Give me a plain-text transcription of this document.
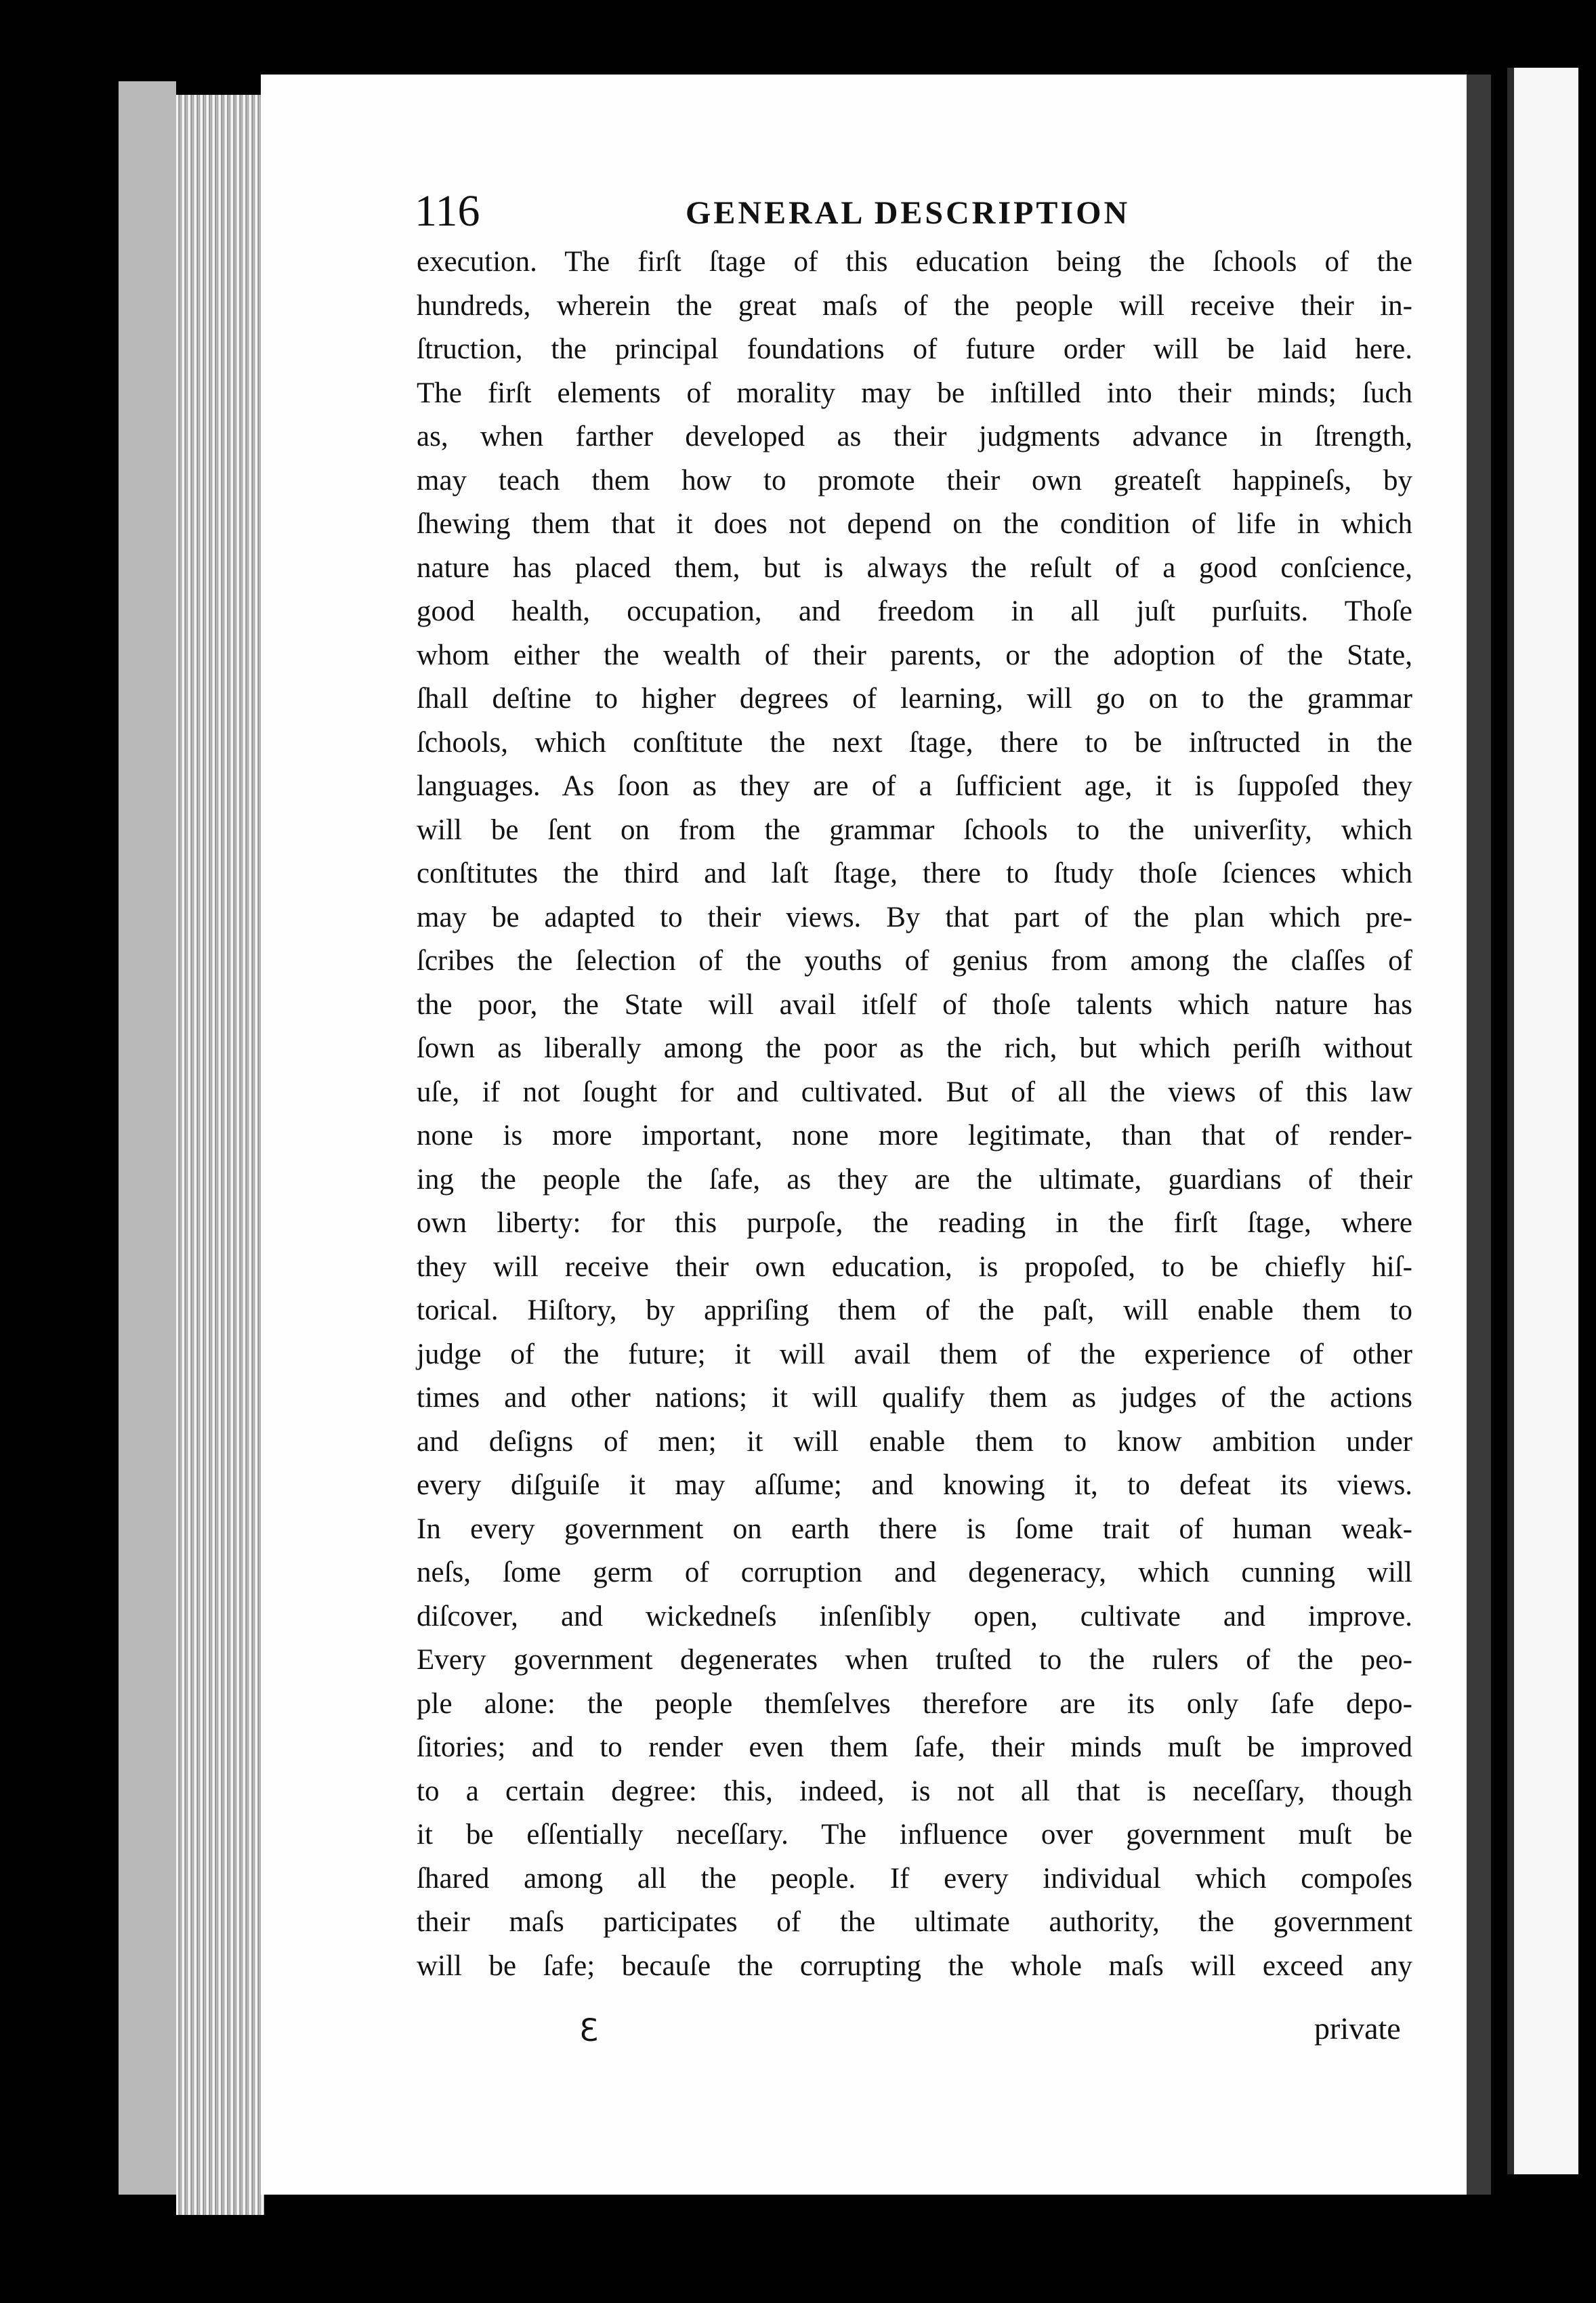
116	GENERAL DESCRIPTION
execution. The firſt ſtage of this education being the ſchools of the
hundreds, wherein the great maſs of the people will receive their in-
ſtruction, the principal foundations of future order will be laid here.
The firſt elements of morality may be inſtilled into their minds; ſuch
as, when farther developed as their judgments advance in ſtrength,
may teach them how to promote their own greateſt happineſs, by
ſhewing them that it does not depend on the condition of life in which
nature has placed them, but is always the reſult of a good conſcience,
good health, occupation, and freedom in all juſt purſuits. Thoſe
whom either the wealth of their parents, or the adoption of the State,
ſhall deſtine to higher degrees of learning, will go on to the grammar
ſchools, which conſtitute the next ſtage, there to be inſtructed in the
languages. As ſoon as they are of a ſufficient age, it is ſuppoſed they
will be ſent on from the grammar ſchools to the univerſity, which
conſtitutes the third and laſt ſtage, there to ſtudy thoſe ſciences which
may be adapted to their views. By that part of the plan which pre-
ſcribes the ſelection of the youths of genius from among the claſſes of
the poor, the State will avail itſelf of thoſe talents which nature has
ſown as liberally among the poor as the rich, but which periſh without
uſe, if not ſought for and cultivated. But of all the views of this law
none is more important, none more legitimate, than that of render-
ing the people the ſafe, as they are the ultimate, guardians of their
own liberty: for this purpoſe, the reading in the firſt ſtage, where
they will receive their own education, is propoſed, to be chiefly hiſ-
torical. Hiſtory, by appriſing them of the paſt, will enable them to
judge of the future; it will avail them of the experience of other
times and other nations; it will qualify them as judges of the actions
and deſigns of men; it will enable them to know ambition under
every diſguiſe it may aſſume; and knowing it, to defeat its views.
In every government on earth there is ſome trait of human weak-
neſs, ſome germ of corruption and degeneracy, which cunning will
diſcover, and wickedneſs inſenſibly open, cultivate and improve.
Every government degenerates when truſted to the rulers of the peo-
ple alone: the people themſelves therefore are its only ſafe depo-
ſitories; and to render even them ſafe, their minds muſt be improved
to a certain degree: this, indeed, is not all that is neceſſary, though
it be eſſentially neceſſary. The influence over government muſt be
ſhared among all the people. If every individual which compoſes
their maſs participates of the ultimate authority, the government
will be ſafe; becauſe the corrupting the whole maſs will exceed any
ℇ	private
